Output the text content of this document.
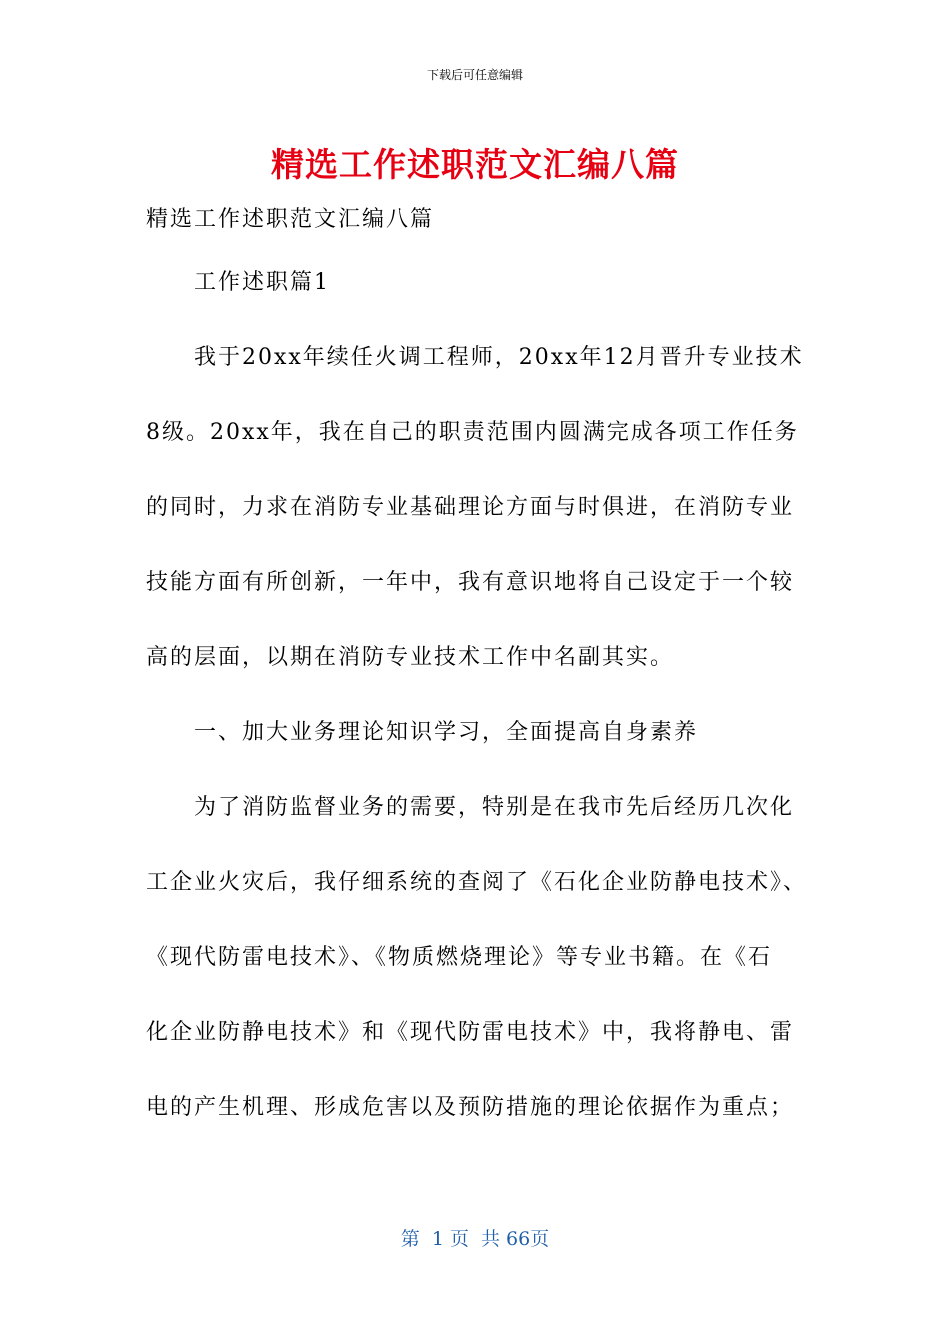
下载后可任意编辑
精选工作述职范文汇编八篇
精选工作述职范文汇编八篇
工作述职篇1
我于20xx年续任火调工程师，20xx年12月晋升专业技术
8级。20xx年，我在自己的职责范围内圆满完成各项工作任务
的同时，力求在消防专业基础理论方面与时俱进，在消防专业
技能方面有所创新，一年中，我有意识地将自己设定于一个较
高的层面，以期在消防专业技术工作中名副其实。
一、加大业务理论知识学习，全面提高自身素养
为了消防监督业务的需要，特别是在我市先后经历几次化
工企业火灾后，我仔细系统的查阅了《石化企业防静电技术》、
《现代防雷电技术》、《物质燃烧理论》等专业书籍。在《石
化企业防静电技术》和《现代防雷电技术》中，我将静电、雷
电的产生机理、形成危害以及预防措施的理论依据作为重点；
第  1 页  共 66页
